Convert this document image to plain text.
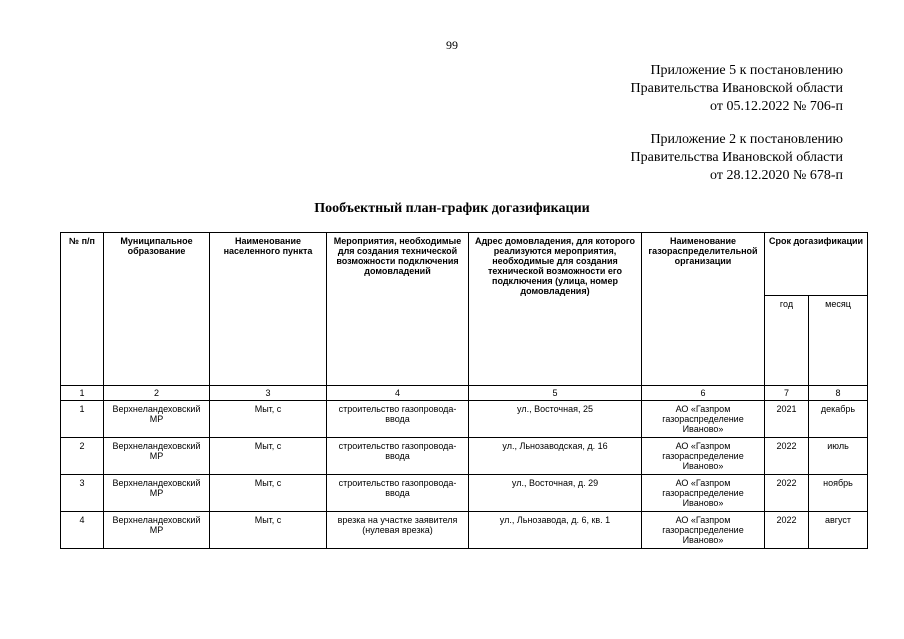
99
Приложение 5 к постановлению
Правительства Ивановской области
от 05.12.2022 № 706-п
Приложение 2 к постановлению
Правительства Ивановской области
от 28.12.2020 № 678-п
Пообъектный план-график догазификации
№ п/п	Муниципальное образование	Наименование населенного пункта	Мероприятия, необходимые для создания технической возможности подключения домовладений	Адрес домовладения, для которого реализуются мероприятия, необходимые для создания технической возможности его подключения (улица, номер домовладения)	Наименование газораспределительной организации	Срок догазификации	
						год	месяц
1	2	3	4	5	6	7	8
1	Верхнеландеховский МР	Мыт, с	строительство газопровода-ввода	ул., Восточная, 25	АО «Газпром газораспределение Иваново»	2021	декабрь
2	Верхнеландеховский МР	Мыт, с	строительство газопровода-ввода	ул., Льнозаводская, д. 16	АО «Газпром газораспределение Иваново»	2022	июль
3	Верхнеландеховский МР	Мыт, с	строительство газопровода-ввода	ул., Восточная, д. 29	АО «Газпром газораспределение Иваново»	2022	ноябрь
4	Верхнеландеховский МР	Мыт, с	врезка на участке заявителя (нулевая врезка)	ул., Льнозавода, д. 6, кв. 1	АО «Газпром газораспределение Иваново»	2022	август
